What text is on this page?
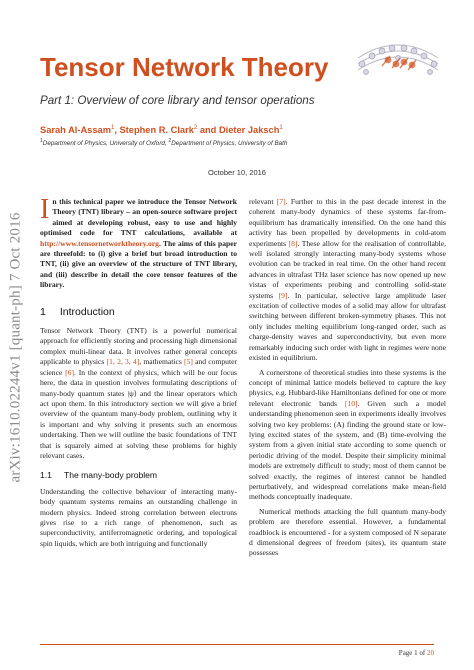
arXiv:1610.02244v1 [quant-ph] 7 Oct 2016
Tensor Network Theory
Part 1: Overview of core library and tensor operations
Sarah Al-Assam$^1$, Stephen R. Clark$^2$ and Dieter Jaksch$^1$
$^1$Department of Physics, University of Oxford, $^2$Department of Physics, University of Bath
October 10, 2016
In this technical paper we introduce the Tensor Network Theory (TNT) library – an open-source software project aimed at developing robust, easy to use and highly optimised code for TNT calculations, available at http://www.tensornetworktheory.org. The aims of this paper are threefold: to (i) give a brief but broad introduction to TNT, (ii) give an overview of the structure of TNT library, and (iii) describe in detail the core tensor features of the library.
1 Introduction

Tensor Network Theory (TNT) is a powerful numerical approach for efficiently storing and processing high dimensional complex multi-linear data. It involves rather general concepts applicable to physics [1, 2, 3, 4], mathematics [5] and computer science [6]. In the context of physics, which will be our focus here, the data in question involves formulating descriptions of many-body quantum states |ψ⟩ and the linear operators which act upon them. In this introductory section we will give a brief overview of the quantum many-body problem, outlining why it is important and why solving it presents such an enormous undertaking. Then we will outline the basic foundations of TNT that is squarely aimed at solving these problems for highly relevant cases.

1.1 The many-body problem

Understanding the collective behaviour of interacting many-body quantum systems remains an outstanding challenge in modern physics. Indeed strong correlation between electrons gives rise to a rich range of phenomenon, such as superconductivity, antiferromagnetic ordering, and topological spin liquids, which are both intriguing and functionally

relevant [7]. Further to this in the past decade interest in the coherent many-body dynamics of these systems far-from-equilibrium has dramatically intensified. On the one hand this activity has been propelled by developments in cold-atom experiments [8]. These allow for the realisation of controllable, well isolated strongly interacting many-body systems whose evolution can be tracked in real time. On the other hand recent advances in ultrafast THz laser science has now opened up new vistas of experiments probing and controlling solid-state systems [9]. In particular, selective large amplitude laser excitation of collective modes of a solid may allow for ultrafast switching between different broken-symmetry phases. This not only includes melting equilibrium long-ranged order, such as charge-density waves and superconductivity, but even more remarkably inducing such order with light in regimes were none existed in equilibrium.

A cornerstone of theoretical studies into these systems is the concept of minimal lattice models believed to capture the key physics, e.g. Hubbard-like Hamiltonians defined for one or more relevant electronic bands [10]. Given such a model understanding phenomenon seen in experiments ideally involves solving two key problems: (A) finding the ground state or low-lying excited states of the system, and (B) time-evolving the system from a given initial state according to some quench or periodic driving of the model. Despite their simplicity minimal models are extremely difficult to study; most of them cannot be solved exactly, the regimes of interest cannot be handled perturbatively, and widespread correlations make mean-field methods conceptually inadequate.

Numerical methods attacking the full quantum many-body problem are therefore essential. However, a fundamental roadblock is encountered - for a system composed of N separate d dimensional degrees of freedom (sites), its quantum state possesses

Page 1 of 20
